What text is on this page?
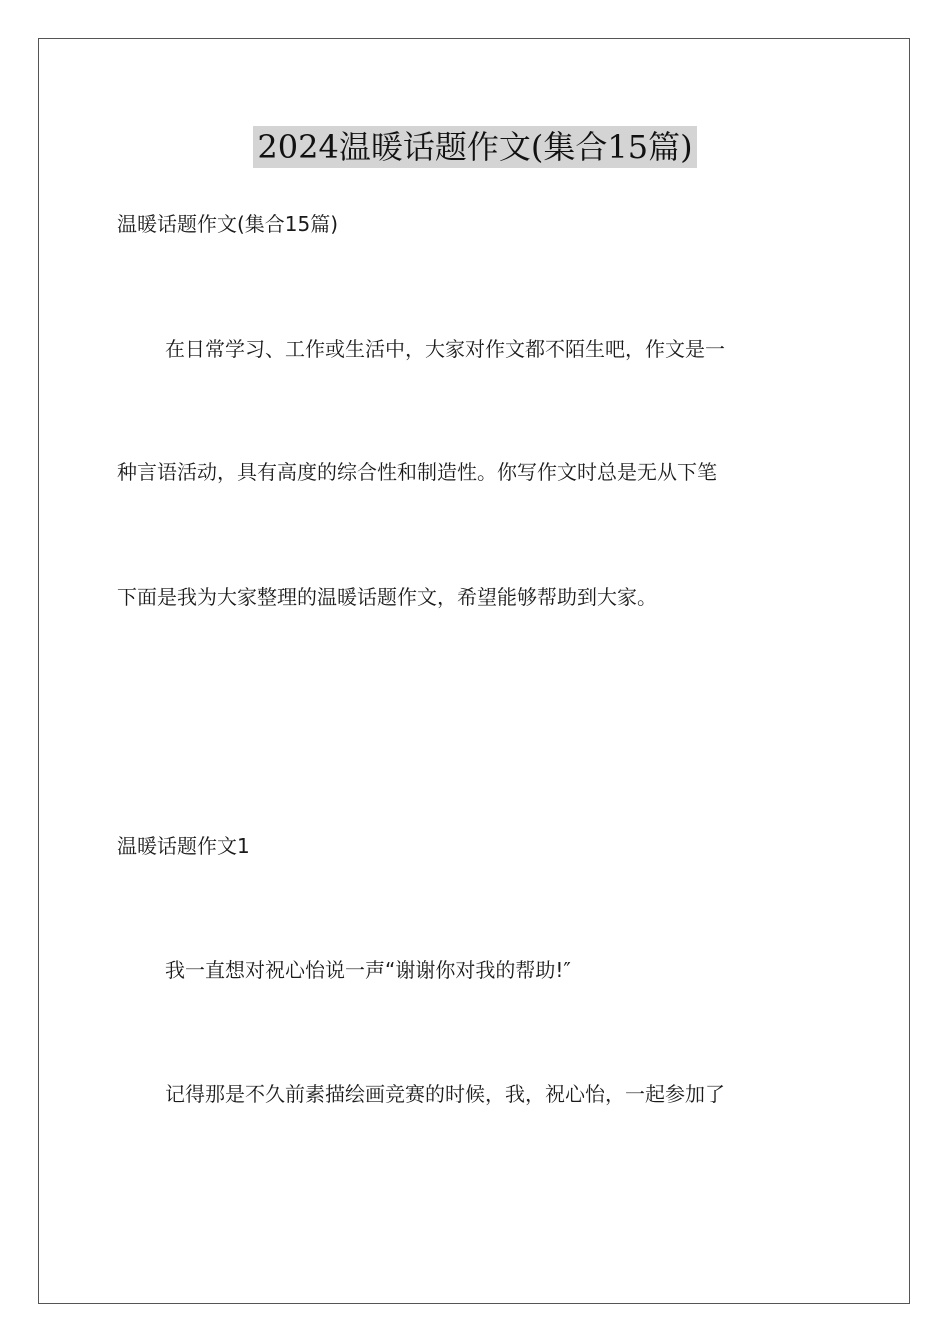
2024温暖话题作文(集合15篇)
温暖话题作文(集合15篇)
在日常学习、工作或生活中，大家对作文都不陌生吧，作文是一
种言语活动，具有高度的综合性和制造性。你写作文时总是无从下笔
下面是我为大家整理的温暖话题作文，希望能够帮助到大家。
温暖话题作文1
我一直想对祝心怡说一声“谢谢你对我的帮助!″
记得那是不久前素描绘画竞赛的时候，我，祝心怡，一起参加了
